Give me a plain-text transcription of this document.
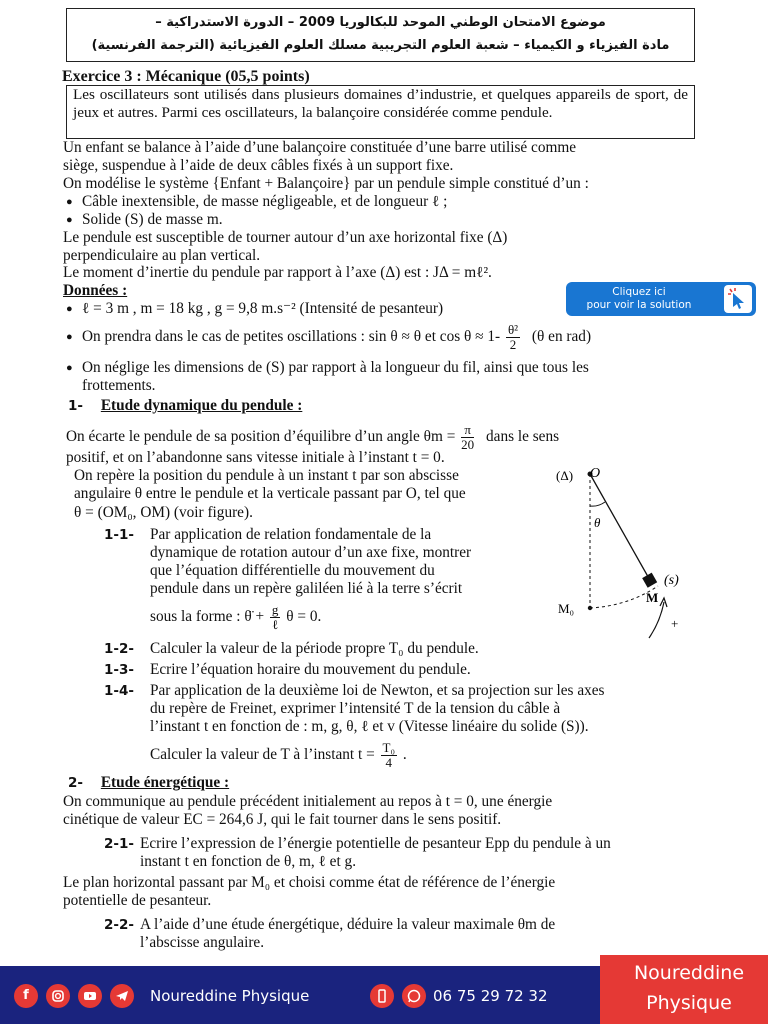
موضوع الامتحان الوطني الموحد للبكالوريا 2009 – الدورة الاستدراكية –
مادة الفيزياء و الكيمياء – شعبة العلوم التجريبية مسلك العلوم الفيزيائية (الترجمة الفرنسية)
Exercice 3 : Mécanique (05,5 points)
Les oscillateurs sont utilisés dans plusieurs domaines d’industrie, et quelques appareils de sport, de jeux et autres. Parmi ces oscillateurs, la balançoire considérée comme pendule.
Un enfant se balance à l’aide d’une balançoire constituée d’une barre utilisé comme
siège, suspendue à l’aide de deux câbles fixés à un support fixe.
On modélise le système {Enfant + Balançoire} par un pendule simple constitué d’un :
● Câble inextensible, de masse négligeable, et de longueur ℓ ;
● Solide (S) de masse m.
Le pendule est susceptible de tourner autour d’un axe horizontal fixe (Δ)
perpendiculaire au plan vertical.
Le moment d’inertie du pendule par rapport à l’axe (Δ) est : JΔ = mℓ².
Données :
● ℓ = 3 m , m = 18 kg , g = 9,8 m.s⁻² (Intensité de pesanteur)
● On prendra dans le cas de petites oscillations : sin θ ≈ θ et $\cos \theta \approx 1- \frac{\text{θ²}}{2} (\theta$ en rad)
● On néglige les dimensions de (S) par rapport à la longueur du fil, ainsi que tous les
frottements.
Cliquez ici
pour voir la solution
1- Etude dynamique du pendule :
On écarte le pendule de sa position d’équilibre d’un angle $\theta m = \frac{\pi}{20}$ dans le sens
positif, et on l’abandonne sans vitesse initiale à l’instant t = 0.
On repère la position du pendule à un instant t par son abscisse
angulaire θ entre le pendule et la verticale passant par O, tel que
θ = (OM₀, OM) (voir figure).
1-1- Par application de relation fondamentale de la
dynamique de rotation autour d’un axe fixe, montrer
que l’équation différentielle du mouvement du
pendule dans un repère galiléen lié à la terre s’écrit
sous la forme : θ̈ + $\frac{g}{\text{ℓ}}$ θ = 0.
(Δ) O
θ
(s)
M
M₀
+
1-2- Calculer la valeur de la période propre T₀ du pendule.
1-3- Ecrire l’équation horaire du mouvement du pendule.
1-4- Par application de la deuxième loi de Newton, et sa projection sur les axes
du repère de Freinet, exprimer l’intensité T de la tension du câble à
l’instant t en fonction de : m, g, θ, ℓ et v (Vitesse linéaire du solide (S)).
Calculer la valeur de T à l’instant $t = \frac{\text{T₀}}{4}$ .
2- Etude énergétique :
On communique au pendule précédent initialement au repos à t = 0, une énergie
cinétique de valeur EC = 264,6 J, qui le fait tourner dans le sens positif.
2-1- Ecrire l’expression de l’énergie potentielle de pesanteur Epp du pendule à un
instant t en fonction de θ, m, ℓ et g.
Le plan horizontal passant par M₀ et choisi comme état de référence de l’énergie
potentielle de pesanteur.
2-2- A l’aide d’une étude énergétique, déduire la valeur maximale θm de
l’abscisse angulaire.
f	Noureddine Physique	06 75 29 72 32
Noureddine
Physique
